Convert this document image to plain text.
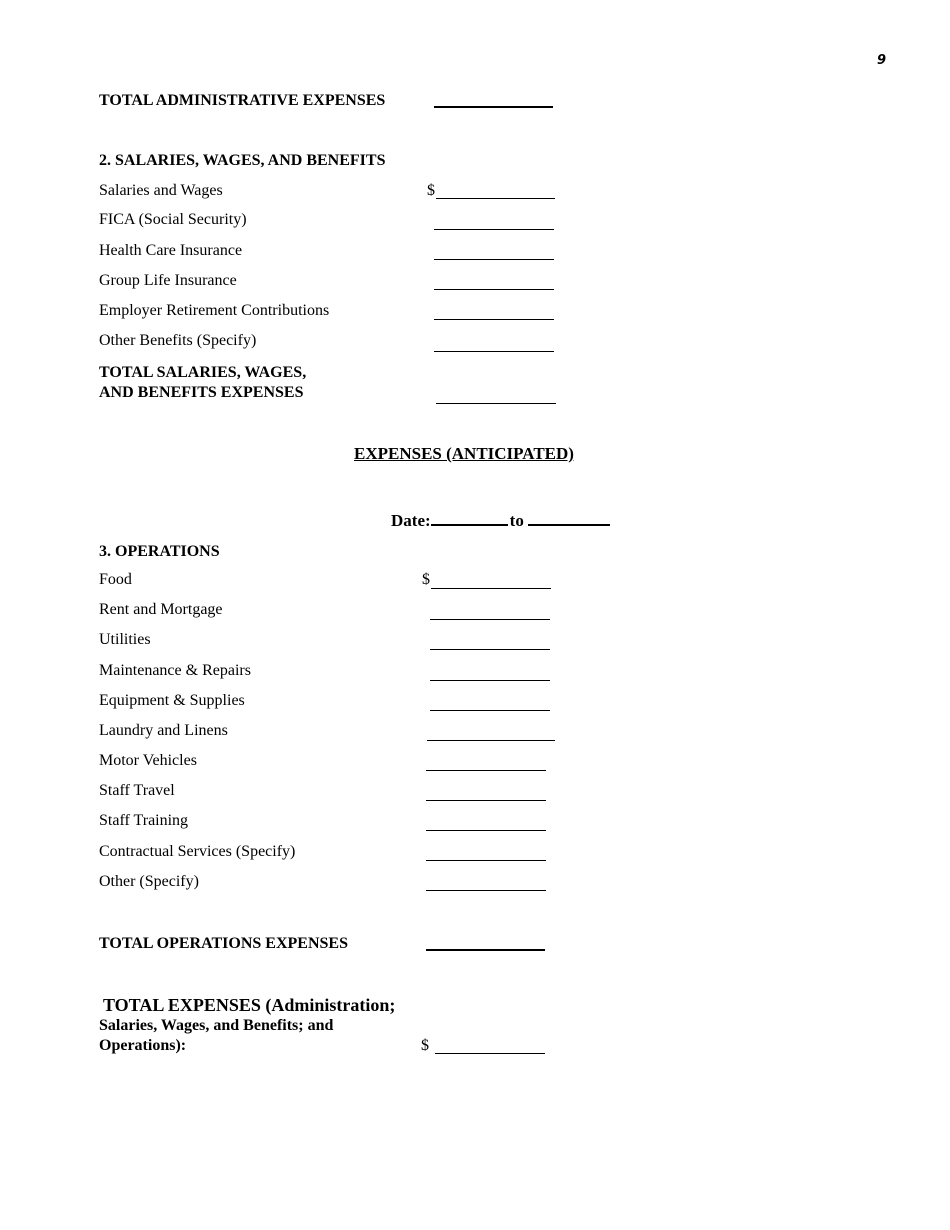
9
TOTAL ADMINISTRATIVE EXPENSES
2. SALARIES, WAGES, AND BENEFITS
Salaries and Wages	$
FICA (Social Security)
Health Care Insurance
Group Life Insurance
Employer Retirement Contributions
Other Benefits (Specify)
TOTAL SALARIES, WAGES,
AND BENEFITS EXPENSES
EXPENSES (ANTICIPATED)
Date:	to
3. OPERATIONS
Food	$
Rent and Mortgage
Utilities
Maintenance & Repairs
Equipment & Supplies
Laundry and Linens
Motor Vehicles
Staff Travel
Staff Training
Contractual Services (Specify)
Other (Specify)
TOTAL OPERATIONS EXPENSES
TOTAL EXPENSES (Administration;
Salaries, Wages, and Benefits; and
Operations):	$
